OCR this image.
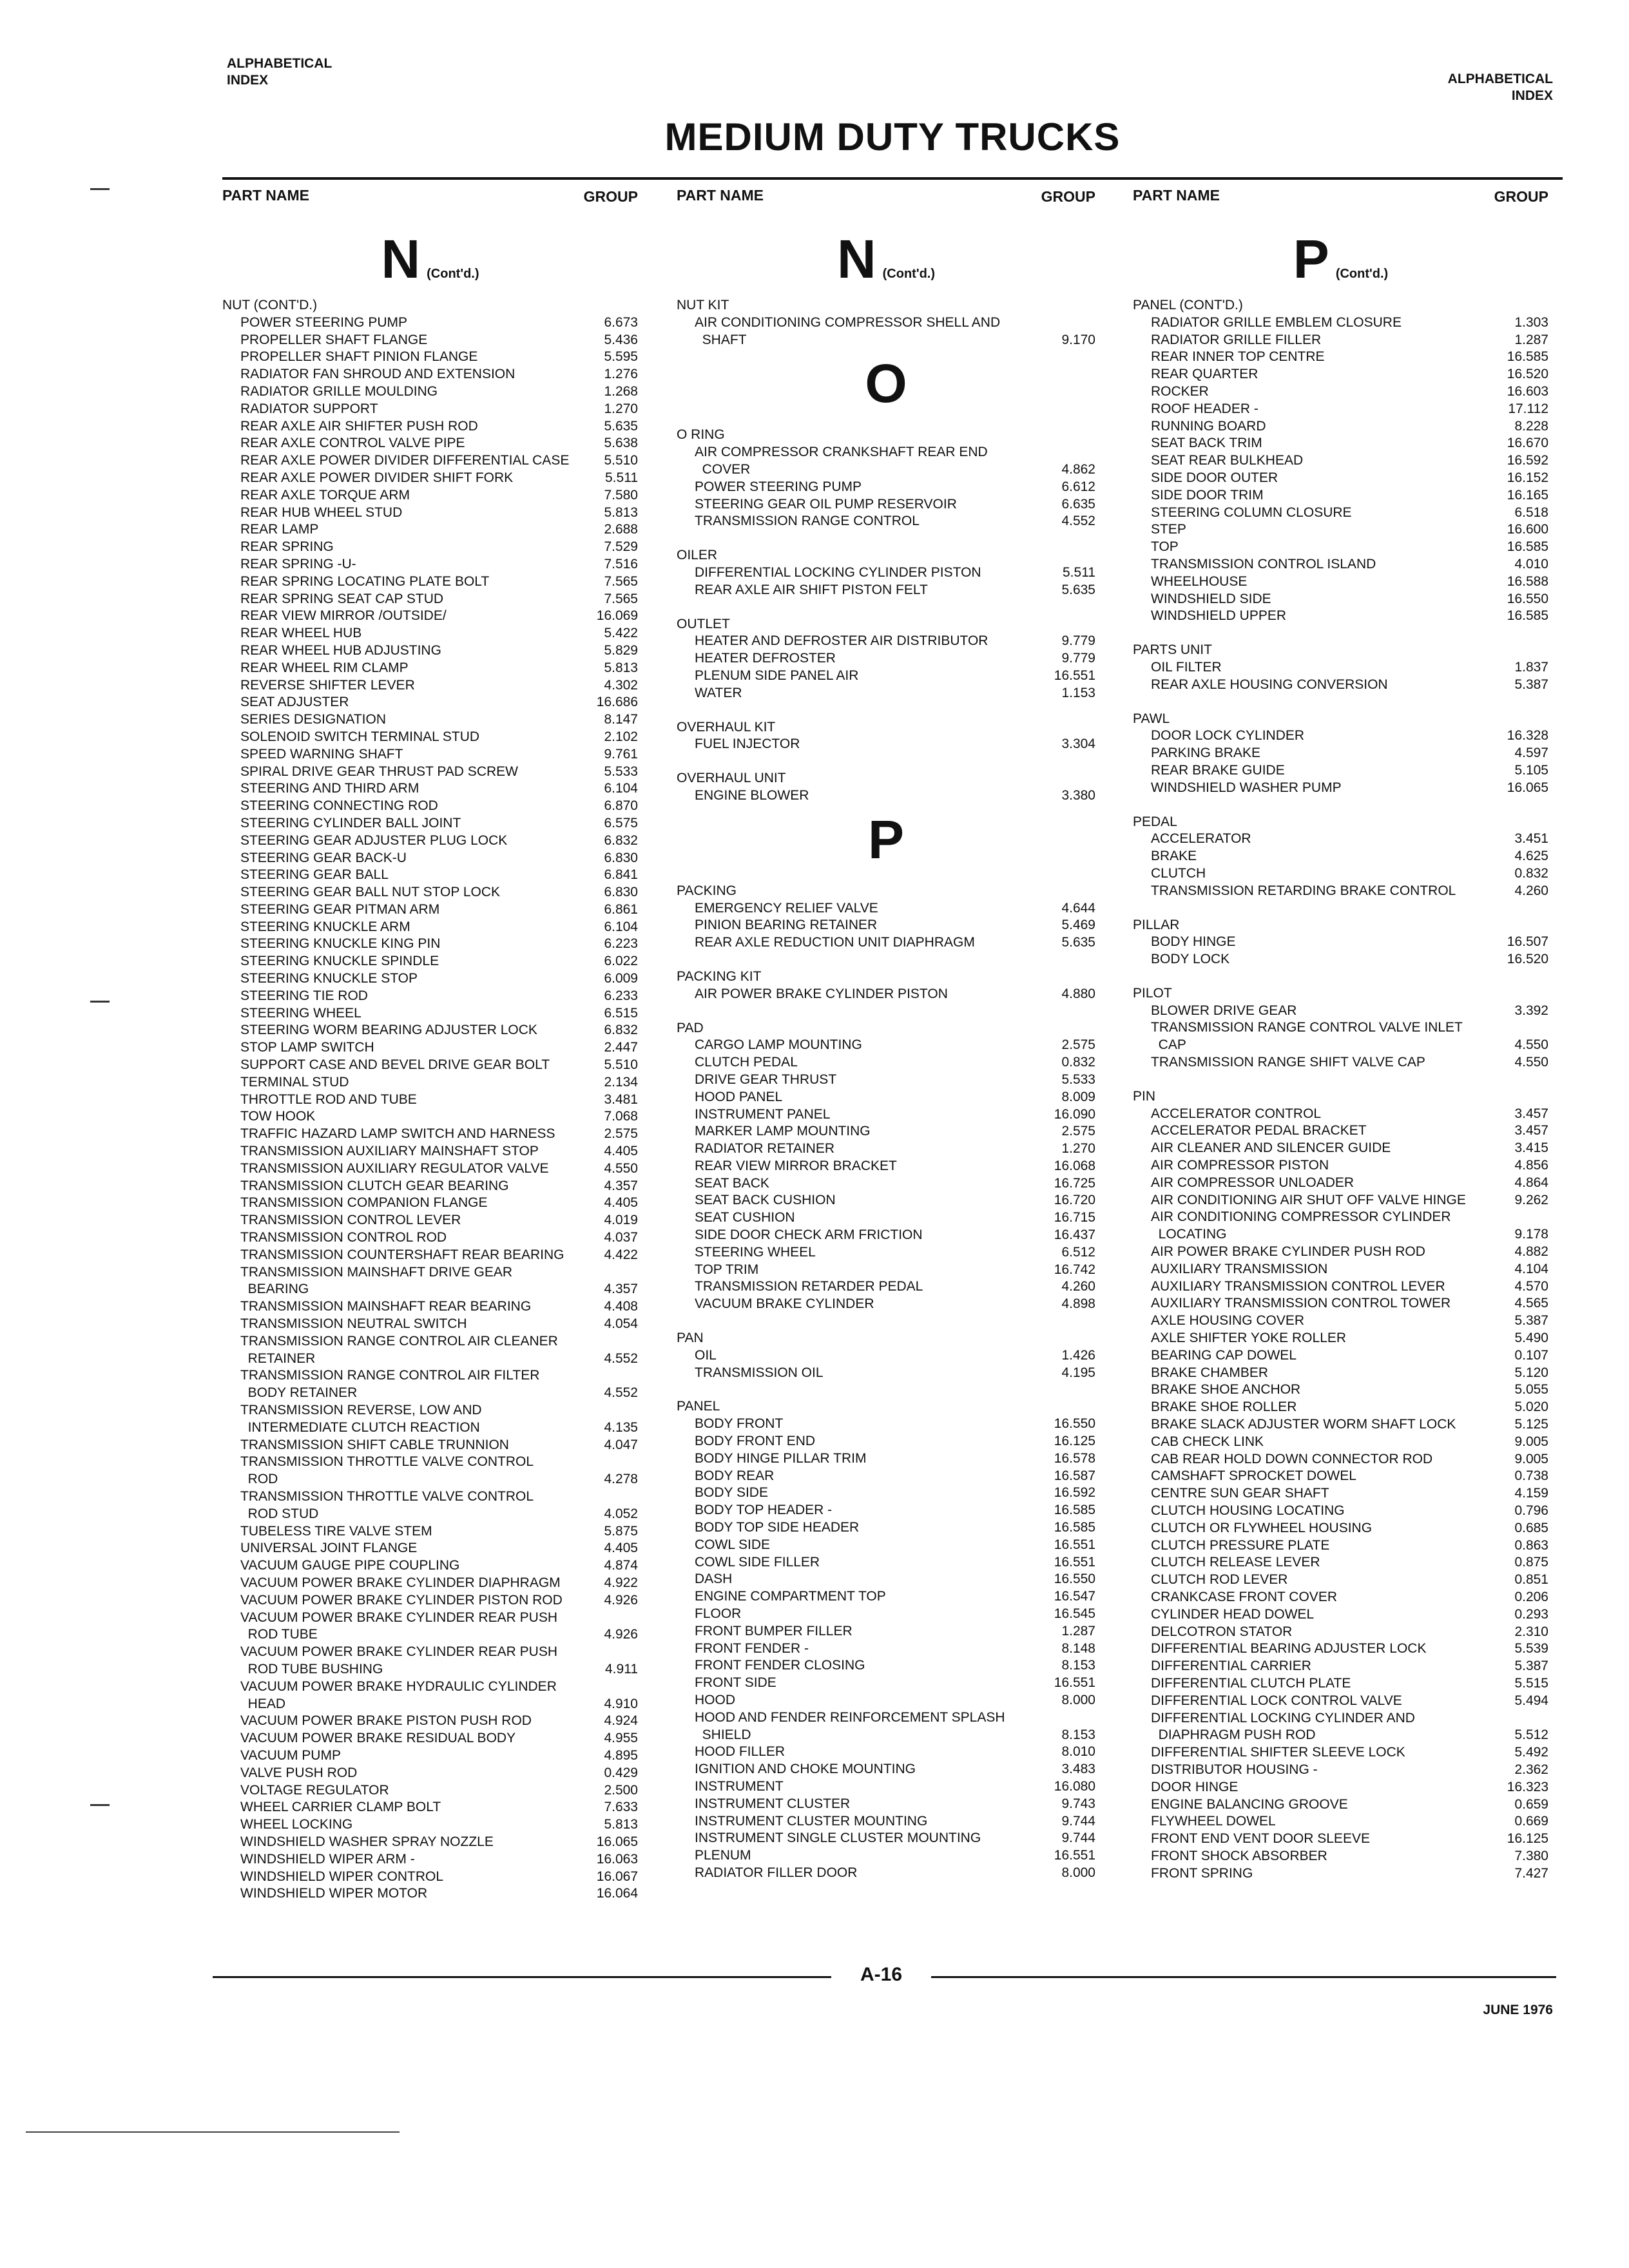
ALPHABETICAL
INDEX	ALPHABETICAL
INDEX
MEDIUM DUTY TRUCKS
PART NAME	GROUP
N (Cont'd.)
NUT (CONT'D.)
POWER STEERING PUMP	6.673
PROPELLER SHAFT FLANGE	5.436
PROPELLER SHAFT PINION FLANGE	5.595
RADIATOR FAN SHROUD AND EXTENSION	1.276
RADIATOR GRILLE MOULDING	1.268
RADIATOR SUPPORT	1.270
REAR AXLE AIR SHIFTER PUSH ROD	5.635
REAR AXLE CONTROL VALVE PIPE	5.638
REAR AXLE POWER DIVIDER DIFFERENTIAL CASE	5.510
REAR AXLE POWER DIVIDER SHIFT FORK	5.511
REAR AXLE TORQUE ARM	7.580
REAR HUB WHEEL STUD	5.813
REAR LAMP	2.688
REAR SPRING	7.529
REAR SPRING -U-	7.516
REAR SPRING LOCATING PLATE BOLT	7.565
REAR SPRING SEAT CAP STUD	7.565
REAR VIEW MIRROR /OUTSIDE/	16.069
REAR WHEEL HUB	5.422
REAR WHEEL HUB ADJUSTING	5.829
REAR WHEEL RIM CLAMP	5.813
REVERSE SHIFTER LEVER	4.302
SEAT ADJUSTER	16.686
SERIES DESIGNATION	8.147
SOLENOID SWITCH TERMINAL STUD	2.102
SPEED WARNING SHAFT	9.761
SPIRAL DRIVE GEAR THRUST PAD SCREW	5.533
STEERING AND THIRD ARM	6.104
STEERING CONNECTING ROD	6.870
STEERING CYLINDER BALL JOINT	6.575
STEERING GEAR ADJUSTER PLUG LOCK	6.832
STEERING GEAR BACK-U	6.830
STEERING GEAR BALL	6.841
STEERING GEAR BALL NUT STOP LOCK	6.830
STEERING GEAR PITMAN ARM	6.861
STEERING KNUCKLE ARM	6.104
STEERING KNUCKLE KING PIN	6.223
STEERING KNUCKLE SPINDLE	6.022
STEERING KNUCKLE STOP	6.009
STEERING TIE ROD	6.233
STEERING WHEEL	6.515
STEERING WORM BEARING ADJUSTER LOCK	6.832
STOP LAMP SWITCH	2.447
SUPPORT CASE AND BEVEL DRIVE GEAR BOLT	5.510
TERMINAL STUD	2.134
THROTTLE ROD AND TUBE	3.481
TOW HOOK	7.068
TRAFFIC HAZARD LAMP SWITCH AND HARNESS	2.575
TRANSMISSION AUXILIARY MAINSHAFT STOP	4.405
TRANSMISSION AUXILIARY REGULATOR VALVE	4.550
TRANSMISSION CLUTCH GEAR BEARING	4.357
TRANSMISSION COMPANION FLANGE	4.405
TRANSMISSION CONTROL LEVER	4.019
TRANSMISSION CONTROL ROD	4.037
TRANSMISSION COUNTERSHAFT REAR BEARING	4.422
TRANSMISSION MAINSHAFT DRIVE GEAR
BEARING	4.357
TRANSMISSION MAINSHAFT REAR BEARING	4.408
TRANSMISSION NEUTRAL SWITCH	4.054
TRANSMISSION RANGE CONTROL AIR CLEANER
RETAINER	4.552
TRANSMISSION RANGE CONTROL AIR FILTER
BODY RETAINER	4.552
TRANSMISSION REVERSE, LOW AND
INTERMEDIATE CLUTCH REACTION	4.135
TRANSMISSION SHIFT CABLE TRUNNION	4.047
TRANSMISSION THROTTLE VALVE CONTROL
ROD	4.278
TRANSMISSION THROTTLE VALVE CONTROL
ROD STUD	4.052
TUBELESS TIRE VALVE STEM	5.875
UNIVERSAL JOINT FLANGE	4.405
VACUUM GAUGE PIPE COUPLING	4.874
VACUUM POWER BRAKE CYLINDER DIAPHRAGM	4.922
VACUUM POWER BRAKE CYLINDER PISTON ROD	4.926
VACUUM POWER BRAKE CYLINDER REAR PUSH
ROD TUBE	4.926
VACUUM POWER BRAKE CYLINDER REAR PUSH
ROD TUBE BUSHING	4.911
VACUUM POWER BRAKE HYDRAULIC CYLINDER
HEAD	4.910
VACUUM POWER BRAKE PISTON PUSH ROD	4.924
VACUUM POWER BRAKE RESIDUAL BODY	4.955
VACUUM PUMP	4.895
VALVE PUSH ROD	0.429
VOLTAGE REGULATOR	2.500
WHEEL CARRIER CLAMP BOLT	7.633
WHEEL LOCKING	5.813
WINDSHIELD WASHER SPRAY NOZZLE	16.065
WINDSHIELD WIPER ARM -	16.063
WINDSHIELD WIPER CONTROL	16.067
WINDSHIELD WIPER MOTOR	16.064
PART NAME	GROUP
N (Cont'd.)
NUT KIT
AIR CONDITIONING COMPRESSOR SHELL AND
SHAFT	9.170
O
O RING
AIR COMPRESSOR CRANKSHAFT REAR END
COVER	4.862
POWER STEERING PUMP	6.612
STEERING GEAR OIL PUMP RESERVOIR	6.635
TRANSMISSION RANGE CONTROL	4.552
OILER
DIFFERENTIAL LOCKING CYLINDER PISTON	5.511
REAR AXLE AIR SHIFT PISTON FELT	5.635
OUTLET
HEATER AND DEFROSTER AIR DISTRIBUTOR	9.779
HEATER DEFROSTER	9.779
PLENUM SIDE PANEL AIR	16.551
WATER	1.153
OVERHAUL KIT
FUEL INJECTOR	3.304
OVERHAUL UNIT
ENGINE BLOWER	3.380
P
PACKING
EMERGENCY RELIEF VALVE	4.644
PINION BEARING RETAINER	5.469
REAR AXLE REDUCTION UNIT DIAPHRAGM	5.635
PACKING KIT
AIR POWER BRAKE CYLINDER PISTON	4.880
PAD
CARGO LAMP MOUNTING	2.575
CLUTCH PEDAL	0.832
DRIVE GEAR THRUST	5.533
HOOD PANEL	8.009
INSTRUMENT PANEL	16.090
MARKER LAMP MOUNTING	2.575
RADIATOR RETAINER	1.270
REAR VIEW MIRROR BRACKET	16.068
SEAT BACK	16.725
SEAT BACK CUSHION	16.720
SEAT CUSHION	16.715
SIDE DOOR CHECK ARM FRICTION	16.437
STEERING WHEEL	6.512
TOP TRIM	16.742
TRANSMISSION RETARDER PEDAL	4.260
VACUUM BRAKE CYLINDER	4.898
PAN
OIL	1.426
TRANSMISSION OIL	4.195
PANEL
BODY FRONT	16.550
BODY FRONT END	16.125
BODY HINGE PILLAR TRIM	16.578
BODY REAR	16.587
BODY SIDE	16.592
BODY TOP HEADER -	16.585
BODY TOP SIDE HEADER	16.585
COWL SIDE	16.551
COWL SIDE FILLER	16.551
DASH	16.550
ENGINE COMPARTMENT TOP	16.547
FLOOR	16.545
FRONT BUMPER FILLER	1.287
FRONT FENDER -	8.148
FRONT FENDER CLOSING	8.153
FRONT SIDE	16.551
HOOD	8.000
HOOD AND FENDER REINFORCEMENT SPLASH
SHIELD	8.153
HOOD FILLER	8.010
IGNITION AND CHOKE MOUNTING	3.483
INSTRUMENT	16.080
INSTRUMENT CLUSTER	9.743
INSTRUMENT CLUSTER MOUNTING	9.744
INSTRUMENT SINGLE CLUSTER MOUNTING	9.744
PLENUM	16.551
RADIATOR FILLER DOOR	8.000
PART NAME	GROUP
P (Cont'd.)
PANEL (CONT'D.)
RADIATOR GRILLE EMBLEM CLOSURE	1.303
RADIATOR GRILLE FILLER	1.287
REAR INNER TOP CENTRE	16.585
REAR QUARTER	16.520
ROCKER	16.603
ROOF HEADER -	17.112
RUNNING BOARD	8.228
SEAT BACK TRIM	16.670
SEAT REAR BULKHEAD	16.592
SIDE DOOR OUTER	16.152
SIDE DOOR TRIM	16.165
STEERING COLUMN CLOSURE	6.518
STEP	16.600
TOP	16.585
TRANSMISSION CONTROL ISLAND	4.010
WHEELHOUSE	16.588
WINDSHIELD SIDE	16.550
WINDSHIELD UPPER	16.585
PARTS UNIT
OIL FILTER	1.837
REAR AXLE HOUSING CONVERSION	5.387
PAWL
DOOR LOCK CYLINDER	16.328
PARKING BRAKE	4.597
REAR BRAKE GUIDE	5.105
WINDSHIELD WASHER PUMP	16.065
PEDAL
ACCELERATOR	3.451
BRAKE	4.625
CLUTCH	0.832
TRANSMISSION RETARDING BRAKE CONTROL	4.260
PILLAR
BODY HINGE	16.507
BODY LOCK	16.520
PILOT
BLOWER DRIVE GEAR	3.392
TRANSMISSION RANGE CONTROL VALVE INLET
CAP	4.550
TRANSMISSION RANGE SHIFT VALVE CAP	4.550
PIN
ACCELERATOR CONTROL	3.457
ACCELERATOR PEDAL BRACKET	3.457
AIR CLEANER AND SILENCER GUIDE	3.415
AIR COMPRESSOR PISTON	4.856
AIR COMPRESSOR UNLOADER	4.864
AIR CONDITIONING AIR SHUT OFF VALVE HINGE	9.262
AIR CONDITIONING COMPRESSOR CYLINDER
LOCATING	9.178
AIR POWER BRAKE CYLINDER PUSH ROD	4.882
AUXILIARY TRANSMISSION	4.104
AUXILIARY TRANSMISSION CONTROL LEVER	4.570
AUXILIARY TRANSMISSION CONTROL TOWER	4.565
AXLE HOUSING COVER	5.387
AXLE SHIFTER YOKE ROLLER	5.490
BEARING CAP DOWEL	0.107
BRAKE CHAMBER	5.120
BRAKE SHOE ANCHOR	5.055
BRAKE SHOE ROLLER	5.020
BRAKE SLACK ADJUSTER WORM SHAFT LOCK	5.125
CAB CHECK LINK	9.005
CAB REAR HOLD DOWN CONNECTOR ROD	9.005
CAMSHAFT SPROCKET DOWEL	0.738
CENTRE SUN GEAR SHAFT	4.159
CLUTCH HOUSING LOCATING	0.796
CLUTCH OR FLYWHEEL HOUSING	0.685
CLUTCH PRESSURE PLATE	0.863
CLUTCH RELEASE LEVER	0.875
CLUTCH ROD LEVER	0.851
CRANKCASE FRONT COVER	0.206
CYLINDER HEAD DOWEL	0.293
DELCOTRON STATOR	2.310
DIFFERENTIAL BEARING ADJUSTER LOCK	5.539
DIFFERENTIAL CARRIER	5.387
DIFFERENTIAL CLUTCH PLATE	5.515
DIFFERENTIAL LOCK CONTROL VALVE	5.494
DIFFERENTIAL LOCKING CYLINDER AND
DIAPHRAGM PUSH ROD	5.512
DIFFERENTIAL SHIFTER SLEEVE LOCK	5.492
DISTRIBUTOR HOUSING -	2.362
DOOR HINGE	16.323
ENGINE BALANCING GROOVE	0.659
FLYWHEEL DOWEL	0.669
FRONT END VENT DOOR SLEEVE	16.125
FRONT SHOCK ABSORBER	7.380
FRONT SPRING	7.427
A-16
JUNE 1976
